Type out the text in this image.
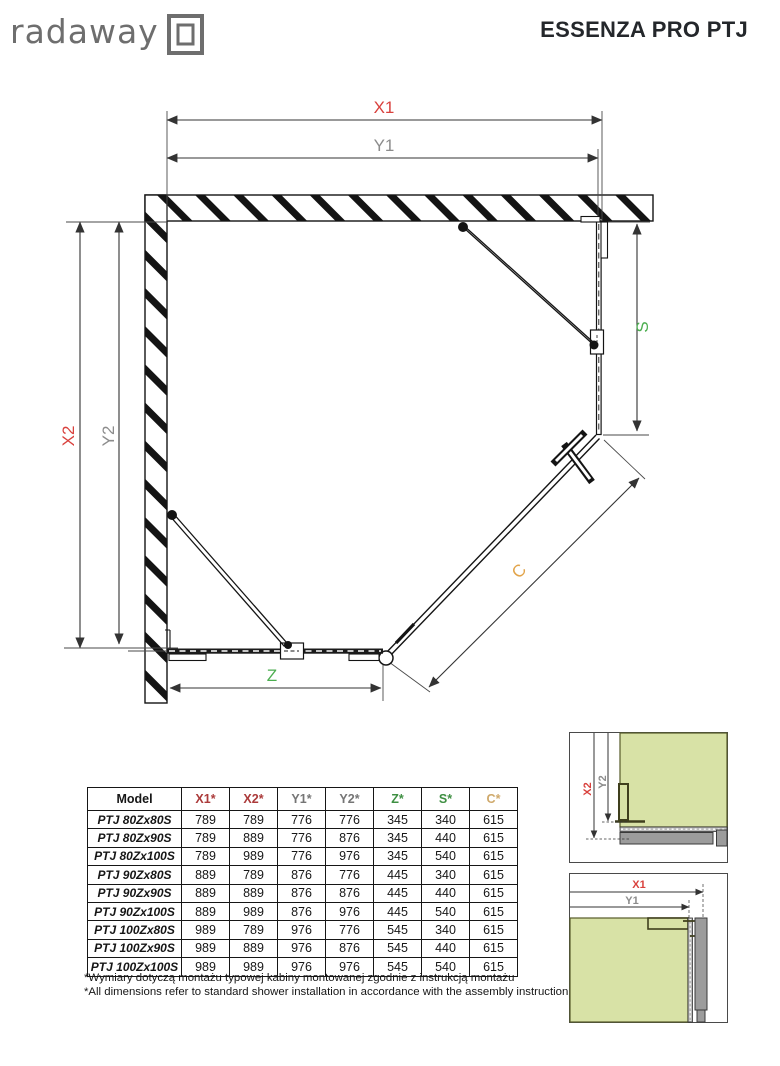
radaway	ESSENZA PRO PTJ
X1
Y1
X2 Y2
S
Z
C
Model	X1*	X2*	Y1*	Y2*	Z*	S*	C*
PTJ 80Zx80S	789	789	776	776	345	340	615
PTJ 80Zx90S	789	889	776	876	345	440	615
PTJ 80Zx100S	789	989	776	976	345	540	615
PTJ 90Zx80S	889	789	876	776	445	340	615
PTJ 90Zx90S	889	889	876	876	445	440	615
PTJ 90Zx100S	889	989	876	976	445	540	615
PTJ 100Zx80S	989	789	976	776	545	340	615
PTJ 100Zx90S	989	889	976	876	545	440	615
PTJ 100Zx100S	989	989	976	976	545	540	615
*Wymiary dotyczą montażu typowej kabiny montowanej zgodnie z instrukcją montażu
*All dimensions refer to standard shower installation in accordance with the assembly instruction
X2
Y2
X1
Y1
